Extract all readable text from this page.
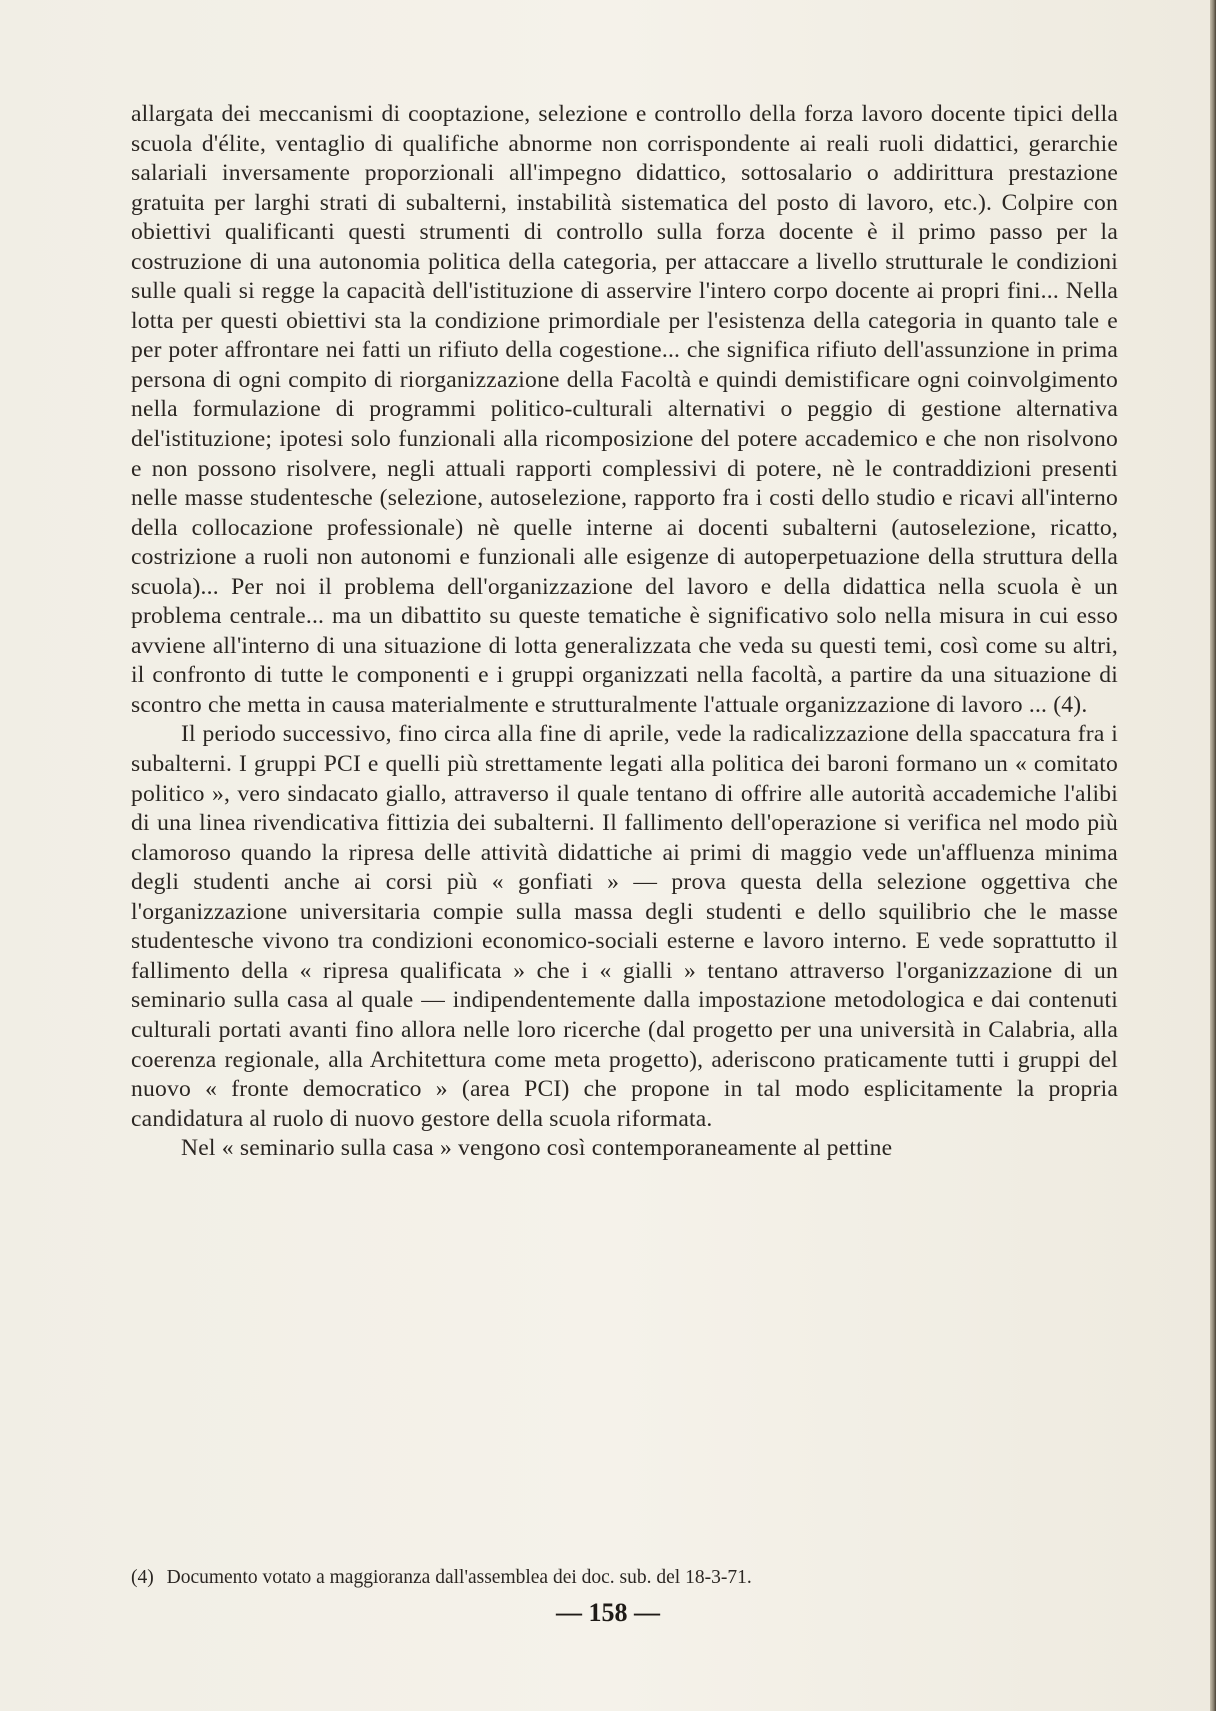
allargata dei meccanismi di cooptazione, selezione e controllo della forza lavoro docente tipici della scuola d'élite, ventaglio di qualifiche abnorme non corrispondente ai reali ruoli didattici, gerarchie salariali inversamente proporzionali all'impegno didattico, sottosalario o addirittura prestazione gratuita per larghi strati di subalterni, instabilità sistematica del posto di lavoro, etc.). Colpire con obiettivi qualificanti questi strumenti di controllo sulla forza docente è il primo passo per la costruzione di una autonomia politica della categoria, per attaccare a livello strutturale le condizioni sulle quali si regge la capacità dell'istituzione di asservire l'intero corpo docente ai propri fini... Nella lotta per questi obiettivi sta la condizione primordiale per l'esistenza della categoria in quanto tale e per poter affrontare nei fatti un rifiuto della cogestione... che significa rifiuto dell'assunzione in prima persona di ogni compito di riorganizzazione della Facoltà e quindi demistificare ogni coinvolgimento nella formulazione di programmi politico-culturali alternativi o peggio di gestione alternativa del'istituzione; ipotesi solo funzionali alla ricomposizione del potere accademico e che non risolvono e non possono risolvere, negli attuali rapporti complessivi di potere, nè le contraddizioni presenti nelle masse studentesche (selezione, autoselezione, rapporto fra i costi dello studio e ricavi all'interno della collocazione professionale) nè quelle interne ai docenti subalterni (autoselezione, ricatto, costrizione a ruoli non autonomi e funzionali alle esigenze di autoperpetuazione della struttura della scuola)... Per noi il problema dell'organizzazione del lavoro e della didattica nella scuola è un problema centrale... ma un dibattito su queste tematiche è significativo solo nella misura in cui esso avviene all'interno di una situazione di lotta generalizzata che veda su questi temi, così come su altri, il confronto di tutte le componenti e i gruppi organizzati nella facoltà, a partire da una situazione di scontro che metta in causa materialmente e strutturalmente l'attuale organizzazione di lavoro ... (4).

Il periodo successivo, fino circa alla fine di aprile, vede la radicalizzazione della spaccatura fra i subalterni. I gruppi PCI e quelli più strettamente legati alla politica dei baroni formano un « comitato politico », vero sindacato giallo, attraverso il quale tentano di offrire alle autorità accademiche l'alibi di una linea rivendicativa fittizia dei subalterni. Il fallimento dell'operazione si verifica nel modo più clamoroso quando la ripresa delle attività didattiche ai primi di maggio vede un'affluenza minima degli studenti anche ai corsi più « gonfiati » — prova questa della selezione oggettiva che l'organizzazione universitaria compie sulla massa degli studenti e dello squilibrio che le masse studentesche vivono tra condizioni economico-sociali esterne e lavoro interno. E vede soprattutto il fallimento della « ripresa qualificata » che i « gialli » tentano attraverso l'organizzazione di un seminario sulla casa al quale — indipendentemente dalla impostazione metodologica e dai contenuti culturali portati avanti fino allora nelle loro ricerche (dal progetto per una università in Calabria, alla coerenza regionale, alla Architettura come meta progetto), aderiscono praticamente tutti i gruppi del nuovo « fronte democratico » (area PCI) che propone in tal modo esplicitamente la propria candidatura al ruolo di nuovo gestore della scuola riformata.

Nel « seminario sulla casa » vengono così contemporaneamente al pettine

(4) Documento votato a maggioranza dall'assemblea dei doc. sub. del 18-3-71.
— 158 —
